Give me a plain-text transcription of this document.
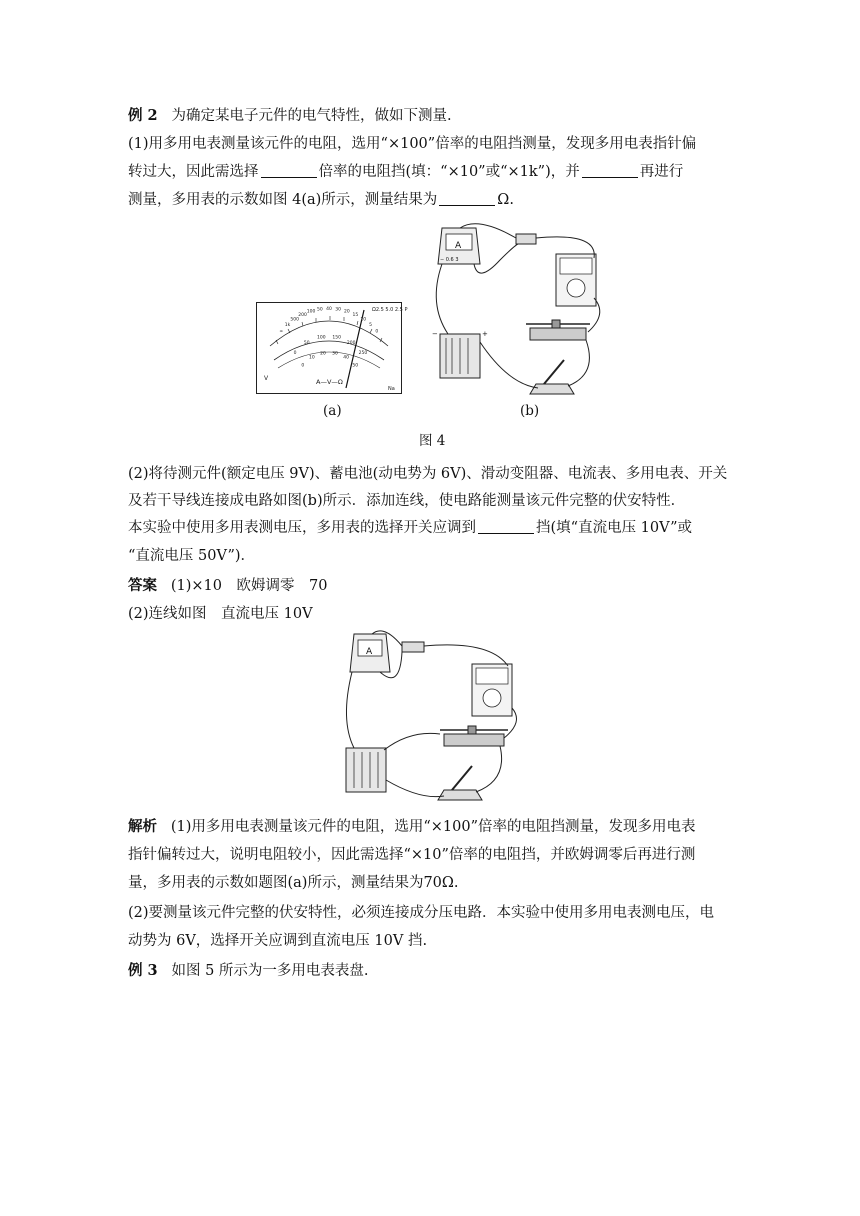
例 2 为确定某电子元件的电气特性，做如下测量.
(1)用多用电表测量该元件的电阻，选用“×100”倍率的电阻挡测量，发现多用电表指针偏
转过大，因此需选择	倍率的电阻挡(填：“×10”或“×1k”)，并	再进行
测量，多用表的示数如图 4(a)所示，测量结果为	Ω.
Ω2.5 5.0 2.5 P
A—V—Ω
Na
V
∞
1k
500
200
100 50 40 30 20
15
10
5
0
0
50
100 150
200
250
0
10
20 30
40
50
A
− 0.6 3
+
−
(a)	(b)
图 4
(2)将待测元件(额定电压 9V)、蓄电池(动电势为 6V)、滑动变阻器、电流表、多用电表、开关
及若干导线连接成电路如图(b)所示．添加连线，使电路能测量该元件完整的伏安特性．
本实验中使用多用表测电压，多用表的选择开关应调到	挡(填“直流电压 10V”或
“直流电压 50V”)．
答案 (1)×10　欧姆调零　70
(2)连线如图　直流电压 10V
A
解析 (1)用多用电表测量该元件的电阻，选用“×100”倍率的电阻挡测量，发现多用电表
指针偏转过大，说明电阻较小，因此需选择“×10”倍率的电阻挡，并欧姆调零后再进行测
量，多用表的示数如题图(a)所示，测量结果为70Ω.
(2)要测量该元件完整的伏安特性，必须连接成分压电路．本实验中使用多用电表测电压，电
动势为 6V，选择开关应调到直流电压 10V 挡.
例 3 如图 5 所示为一多用电表表盘.
